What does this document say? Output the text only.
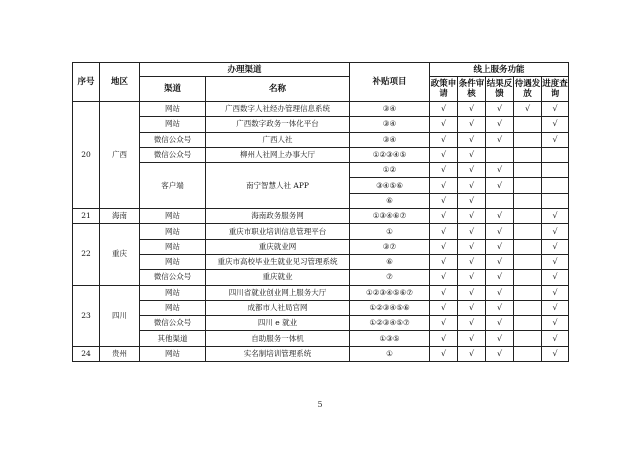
序号	地区	办理渠道		补贴项目	线上服务功能				
		渠道	名称		政策申请	条件审核	结果反馈	待遇发放	进度查询
20	广西	网站	广西数字人社经办管理信息系统	③④	√	√	√	√	√
		网站	广西数字政务一体化平台	③④	√	√	√		√
		微信公众号	广西人社	③④	√	√	√		√
		微信公众号	柳州人社网上办事大厅	①②③④⑤	√	√			
		客户端	南宁智慧人社 APP	①②	√	√	√		
				③④⑤⑥	√	√	√		
				⑥	√	√			
21	海南	网站	海南政务服务网	①③④⑥⑦	√	√	√		√
22	重庆	网站	重庆市职业培训信息管理平台	①	√	√	√		√
		网站	重庆就业网	③⑦	√	√	√		√
		网站	重庆市高校毕业生就业见习管理系统	⑥	√	√	√		√
		微信公众号	重庆就业	⑦	√	√	√		√
23	四川	网站	四川省就业创业网上服务大厅	①②③④⑤⑥⑦	√	√	√		√
		网站	成都市人社局官网	①②③④⑤⑥	√	√	√		√
		微信公众号	四川 e 就业	①②③④⑤⑦	√	√	√		√
		其他渠道	自助服务一体机	①③⑤	√	√	√		√
24	贵州	网站	实名制培训管理系统	①	√	√	√		√
5
